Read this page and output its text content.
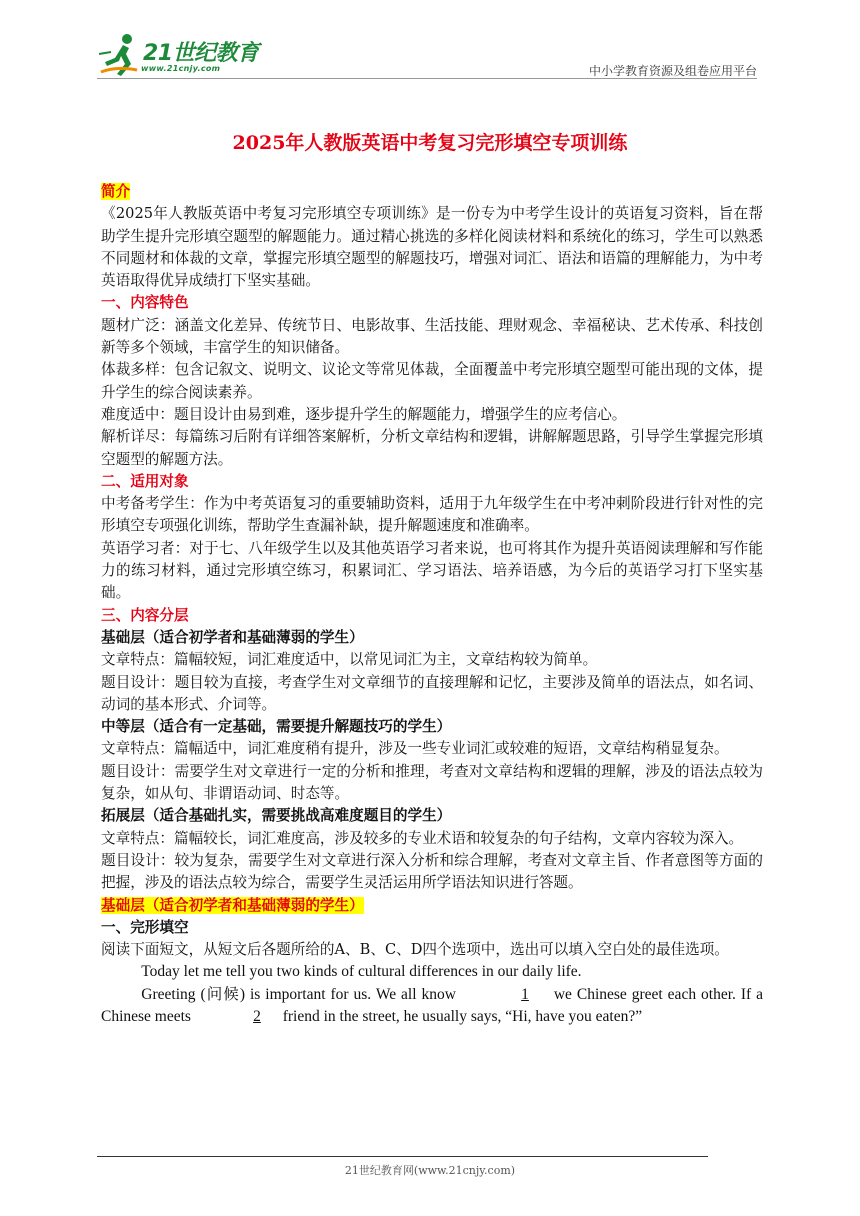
21世纪教育
www.21cnjy.com	中小学教育资源及组卷应用平台
2025年人教版英语中考复习完形填空专项训练

简介

《2025年人教版英语中考复习完形填空专项训练》是一份专为中考学生设计的英语复习资料，旨在帮助学生提升完形填空题型的解题能力。通过精心挑选的多样化阅读材料和系统化的练习，学生可以熟悉不同题材和体裁的文章，掌握完形填空题型的解题技巧，增强对词汇、语法和语篇的理解能力，为中考英语取得优异成绩打下坚实基础。

一、内容特色

题材广泛：涵盖文化差异、传统节日、电影故事、生活技能、理财观念、幸福秘诀、艺术传承、科技创新等多个领域，丰富学生的知识储备。

体裁多样：包含记叙文、说明文、议论文等常见体裁，全面覆盖中考完形填空题型可能出现的文体，提升学生的综合阅读素养。

难度适中：题目设计由易到难，逐步提升学生的解题能力，增强学生的应考信心。

解析详尽：每篇练习后附有详细答案解析，分析文章结构和逻辑，讲解解题思路，引导学生掌握完形填空题型的解题方法。

二、适用对象

中考备考学生：作为中考英语复习的重要辅助资料，适用于九年级学生在中考冲刺阶段进行针对性的完形填空专项强化训练，帮助学生查漏补缺，提升解题速度和准确率。

英语学习者：对于七、八年级学生以及其他英语学习者来说，也可将其作为提升英语阅读理解和写作能力的练习材料，通过完形填空练习，积累词汇、学习语法、培养语感，为今后的英语学习打下坚实基础。

三、内容分层

基础层（适合初学者和基础薄弱的学生）

文章特点：篇幅较短，词汇难度适中，以常见词汇为主，文章结构较为简单。

题目设计：题目较为直接，考查学生对文章细节的直接理解和记忆，主要涉及简单的语法点，如名词、动词的基本形式、介词等。

中等层（适合有一定基础，需要提升解题技巧的学生）

文章特点：篇幅适中，词汇难度稍有提升，涉及一些专业词汇或较难的短语，文章结构稍显复杂。

题目设计：需要学生对文章进行一定的分析和推理，考查对文章结构和逻辑的理解，涉及的语法点较为复杂，如从句、非谓语动词、时态等。

拓展层（适合基础扎实，需要挑战高难度题目的学生）

文章特点：篇幅较长，词汇难度高，涉及较多的专业术语和较复杂的句子结构，文章内容较为深入。

题目设计：较为复杂，需要学生对文章进行深入分析和综合理解，考查对文章主旨、作者意图等方面的把握，涉及的语法点较为综合，需要学生灵活运用所学语法知识进行答题。

基础层（适合初学者和基础薄弱的学生）

一、完形填空

阅读下面短文，从短文后各题所给的A、B、C、D四个选项中，选出可以填入空白处的最佳选项。

Today let me tell you two kinds of cultural differences in our daily life.

Greeting (问候) is important for us. We all know	1 we Chinese greet each other. If a Chinese meets	2 friend in the street, he usually says, “Hi, have you eaten?”

21世纪教育网(www.21cnjy.com)
